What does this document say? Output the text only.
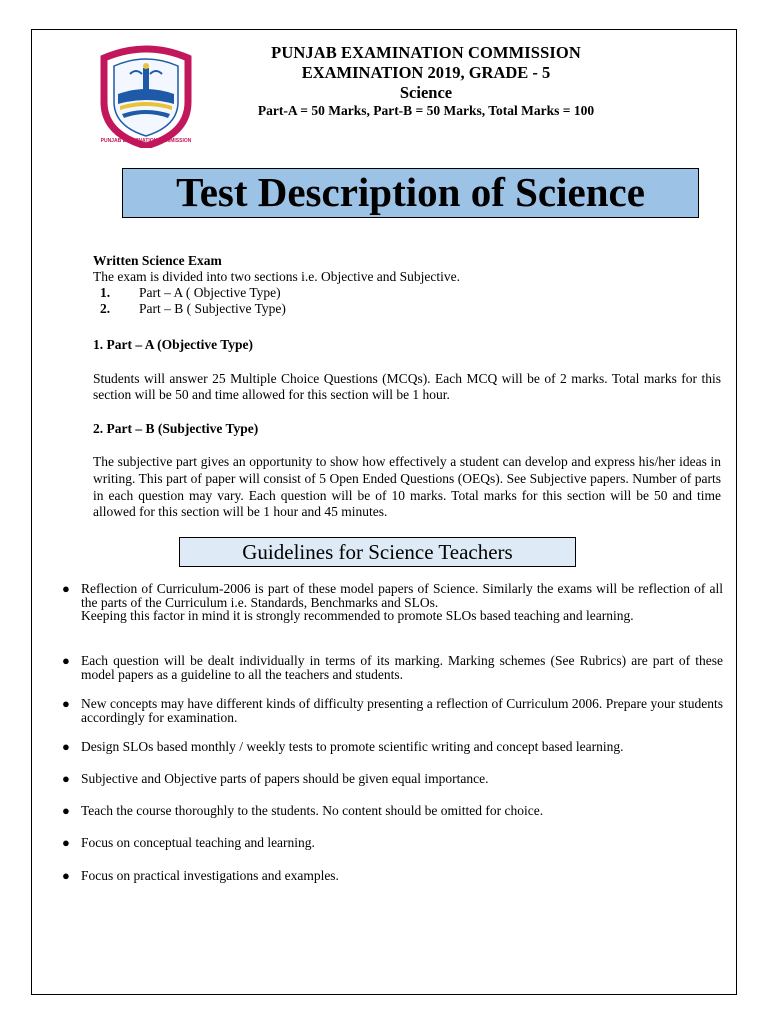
PUNJAB EXAMINATION COMMISSION
PUNJAB EXAMINATION COMMISSION
EXAMINATION 2019, GRADE - 5
Science
Part-A = 50 Marks, Part-B = 50 Marks, Total Marks = 100
Test Description of Science
Written Science Exam
The exam is divided into two sections i.e. Objective and Subjective.
1.	Part – A ( Objective Type)
2.	Part – B ( Subjective Type)
1. Part – A (Objective Type)
Students will answer 25 Multiple Choice Questions (MCQs). Each MCQ will be of 2 marks. Total marks for this section will be 50 and time allowed for this section will be 1 hour.
2. Part – B (Subjective Type)
The subjective part gives an opportunity to show how effectively a student can develop and express his/her ideas in writing. This part of paper will consist of 5 Open Ended Questions (OEQs). See Subjective papers. Number of parts in each question may vary. Each question will be of 10 marks. Total marks for this section will be 50 and time allowed for this section will be 1 hour and 45 minutes.
Guidelines for Science Teachers
● Reflection of Curriculum-2006 is part of these model papers of Science. Similarly the exams will be reflection of all the parts of the Curriculum i.e. Standards, Benchmarks and SLOs.
Keeping this factor in mind it is strongly recommended to promote SLOs based teaching and learning.
● Each question will be dealt individually in terms of its marking. Marking schemes (See Rubrics) are part of these model papers as a guideline to all the teachers and students.
● New concepts may have different kinds of difficulty presenting a reflection of Curriculum 2006. Prepare your students accordingly for examination.
● Design SLOs based monthly / weekly tests to promote scientific writing and concept based learning.
● Subjective and Objective parts of papers should be given equal importance.
● Teach the course thoroughly to the students. No content should be omitted for choice.
● Focus on conceptual teaching and learning.
● Focus on practical investigations and examples.
